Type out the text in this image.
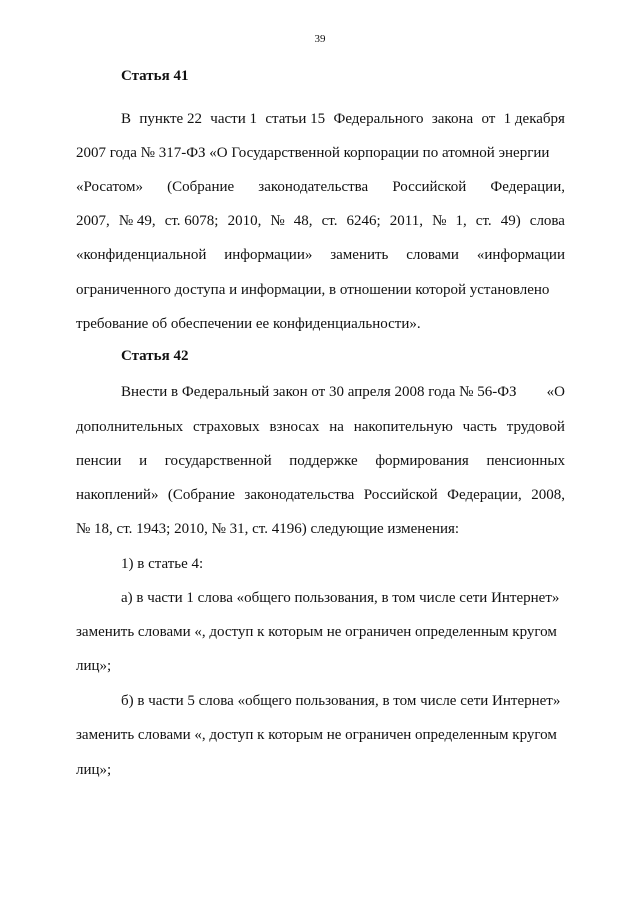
39
Статья 41
В пункте 22 части 1 статьи 15 Федерального закона от 1 декабря
2007 года № 317-ФЗ «О Государственной корпорации по атомной энергии
«Росатом» (Собрание законодательства Российской Федерации,
2007, № 49, ст. 6078; 2010, № 48, ст. 6246; 2011, № 1, ст. 49) слова
«конфиденциальной информации» заменить словами «информации
ограниченного доступа и информации, в отношении которой установлено
требование об обеспечении ее конфиденциальности».
Статья 42
Внести в Федеральный закон от 30 апреля 2008 года № 56-ФЗ «О
дополнительных страховых взносах на накопительную часть трудовой
пенсии и государственной поддержке формирования пенсионных
накоплений» (Собрание законодательства Российской Федерации, 2008,
№ 18, ст. 1943; 2010, № 31, ст. 4196) следующие изменения:
1) в статье 4:
а) в части 1 слова «общего пользования, в том числе сети Интернет»
заменить словами «, доступ к которым не ограничен определенным кругом
лиц»;
б) в части 5 слова «общего пользования, в том числе сети Интернет»
заменить словами «, доступ к которым не ограничен определенным кругом
лиц»;
